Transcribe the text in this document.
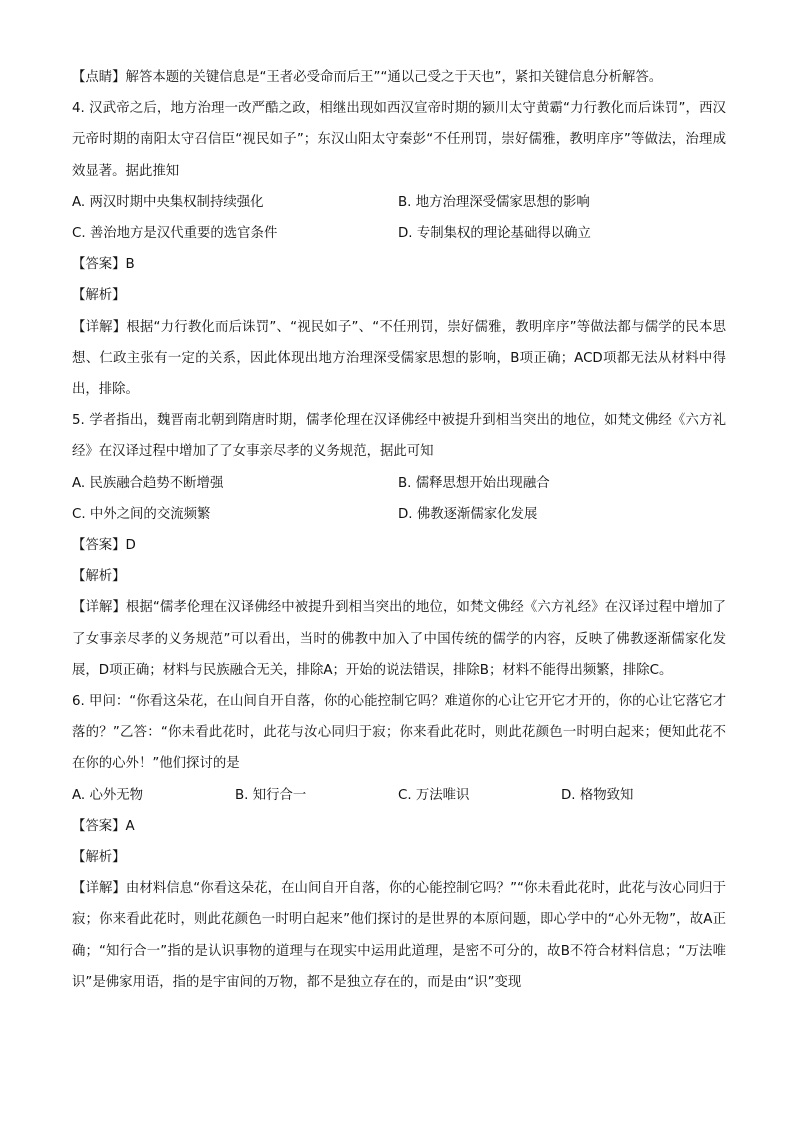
【点睛】解答本题的关键信息是“王者必受命而后王”“通以己受之于天也”，紧扣关键信息分析解答。

4. 汉武帝之后，地方治理一改严酷之政，相继出现如西汉宣帝时期的颍川太守黄霸“力行教化而后诛罚”，西汉元帝时期的南阳太守召信臣“视民如子”；东汉山阳太守秦彭“不任刑罚，崇好儒雅，教明庠序”等做法，治理成效显著。据此推知

A. 两汉时期中央集权制持续强化	B. 地方治理深受儒家思想的影响
C. 善治地方是汉代重要的选官条件	D. 专制集权的理论基础得以确立

【答案】B

【解析】

【详解】根据“力行教化而后诛罚”、“视民如子”、“不任刑罚，崇好儒雅，教明庠序”等做法都与儒学的民本思想、仁政主张有一定的关系，因此体现出地方治理深受儒家思想的影响，B项正确；ACD项都无法从材料中得出，排除。

5. 学者指出，魏晋南北朝到隋唐时期，儒孝伦理在汉译佛经中被提升到相当突出的地位，如梵文佛经《六方礼经》在汉译过程中增加了了女事亲尽孝的义务规范，据此可知

A. 民族融合趋势不断增强	B. 儒释思想开始出现融合
C. 中外之间的交流频繁	D. 佛教逐渐儒家化发展

【答案】D

【解析】

【详解】根据“儒孝伦理在汉译佛经中被提升到相当突出的地位，如梵文佛经《六方礼经》在汉译过程中增加了了女事亲尽孝的义务规范”可以看出，当时的佛教中加入了中国传统的儒学的内容，反映了佛教逐渐儒家化发展，D项正确；材料与民族融合无关，排除A；开始的说法错误，排除B；材料不能得出频繁，排除C。

6. 甲问：“你看这朵花，在山间自开自落，你的心能控制它吗？难道你的心让它开它才开的，你的心让它落它才落的？”乙答：“你未看此花时，此花与汝心同归于寂；你来看此花时，则此花颜色一时明白起来；便知此花不在你的心外！”他们探讨的是

A. 心外无物	B. 知行合一	C. 万法唯识	D. 格物致知

【答案】A

【解析】

【详解】由材料信息“你看这朵花，在山间自开自落，你的心能控制它吗？”“你未看此花时，此花与汝心同归于寂；你来看此花时，则此花颜色一时明白起来”他们探讨的是世界的本原问题，即心学中的“心外无物”，故A正确；“知行合一”指的是认识事物的道理与在现实中运用此道理，是密不可分的，故B不符合材料信息；“万法唯识”是佛家用语，指的是宇宙间的万物，都不是独立存在的，而是由“识”变现
